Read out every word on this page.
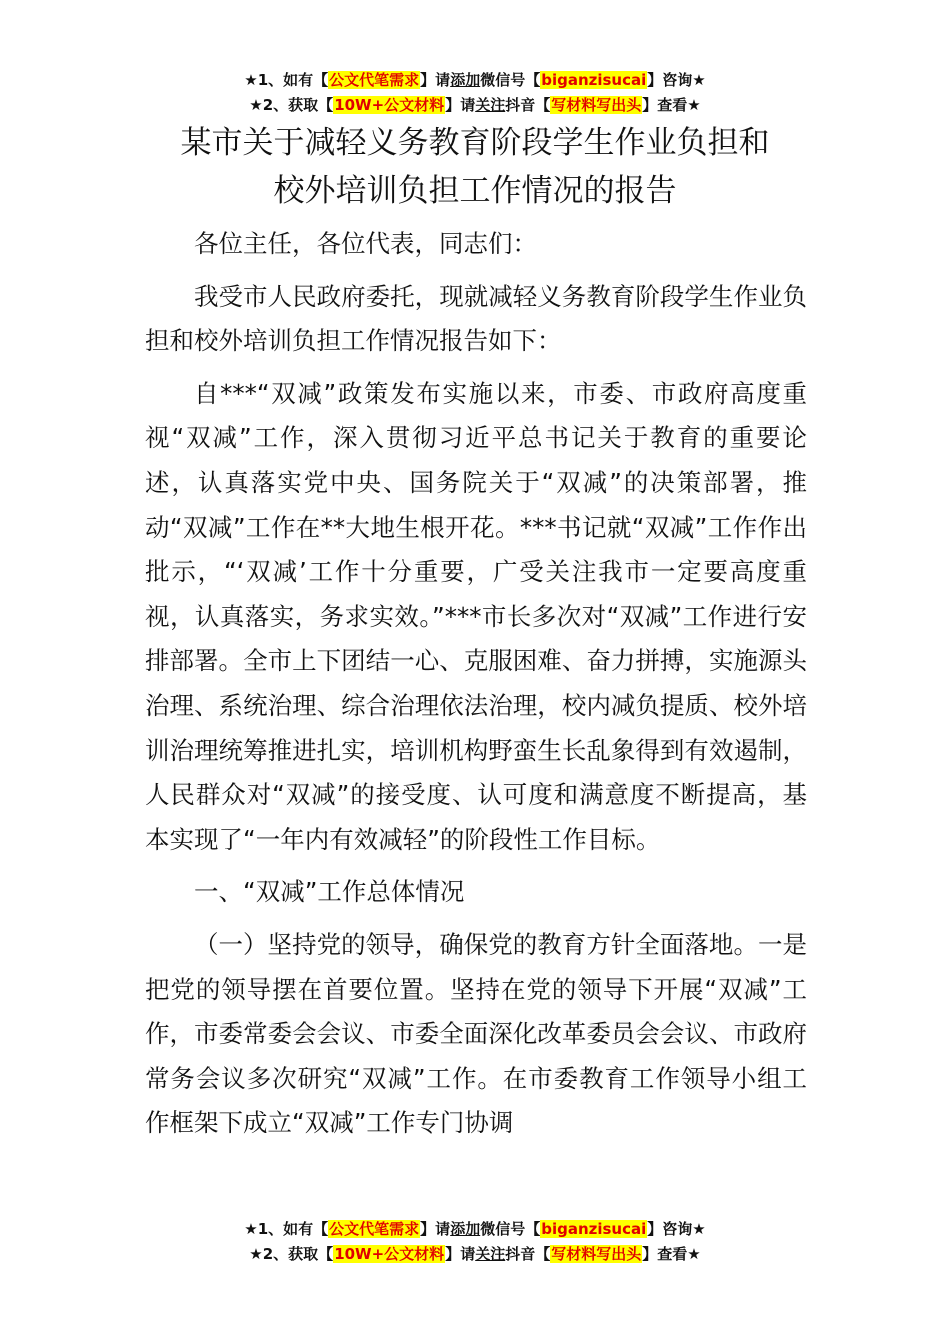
★1、如有【公文代笔需求】请添加微信号【biganzisucai】咨询★
★2、获取【10W+公文材料】请关注抖音【写材料写出头】查看★
某市关于减轻义务教育阶段学生作业负担和
校外培训负担工作情况的报告

各位主任，各位代表，同志们：

我受市人民政府委托，现就减轻义务教育阶段学生作业负担和校外培训负担工作情况报告如下：

自***“双减”政策发布实施以来，市委、市政府高度重视“双减”工作，深入贯彻习近平总书记关于教育的重要论述，认真落实党中央、国务院关于“双减”的决策部署，推动“双减”工作在**大地生根开花。***书记就“双减”工作作出批示，“‘双减’工作十分重要，广受关注我市一定要高度重视，认真落实，务求实效。”***市长多次对“双减”工作进行安排部署。全市上下团结一心、克服困难、奋力拼搏，实施源头治理、系统治理、综合治理依法治理，校内减负提质、校外培训治理统筹推进扎实，培训机构野蛮生长乱象得到有效遏制，人民群众对“双减”的接受度、认可度和满意度不断提高，基本实现了“一年内有效减轻”的阶段性工作目标。

一、“双减”工作总体情况

（一）坚持党的领导，确保党的教育方针全面落地。一是把党的领导摆在首要位置。坚持在党的领导下开展“双减”工作，市委常委会会议、市委全面深化改革委员会会议、市政府常务会议多次研究“双减”工作。在市委教育工作领导小组工作框架下成立“双减”工作专门协调

★1、如有【公文代笔需求】请添加微信号【biganzisucai】咨询★
★2、获取【10W+公文材料】请关注抖音【写材料写出头】查看★
